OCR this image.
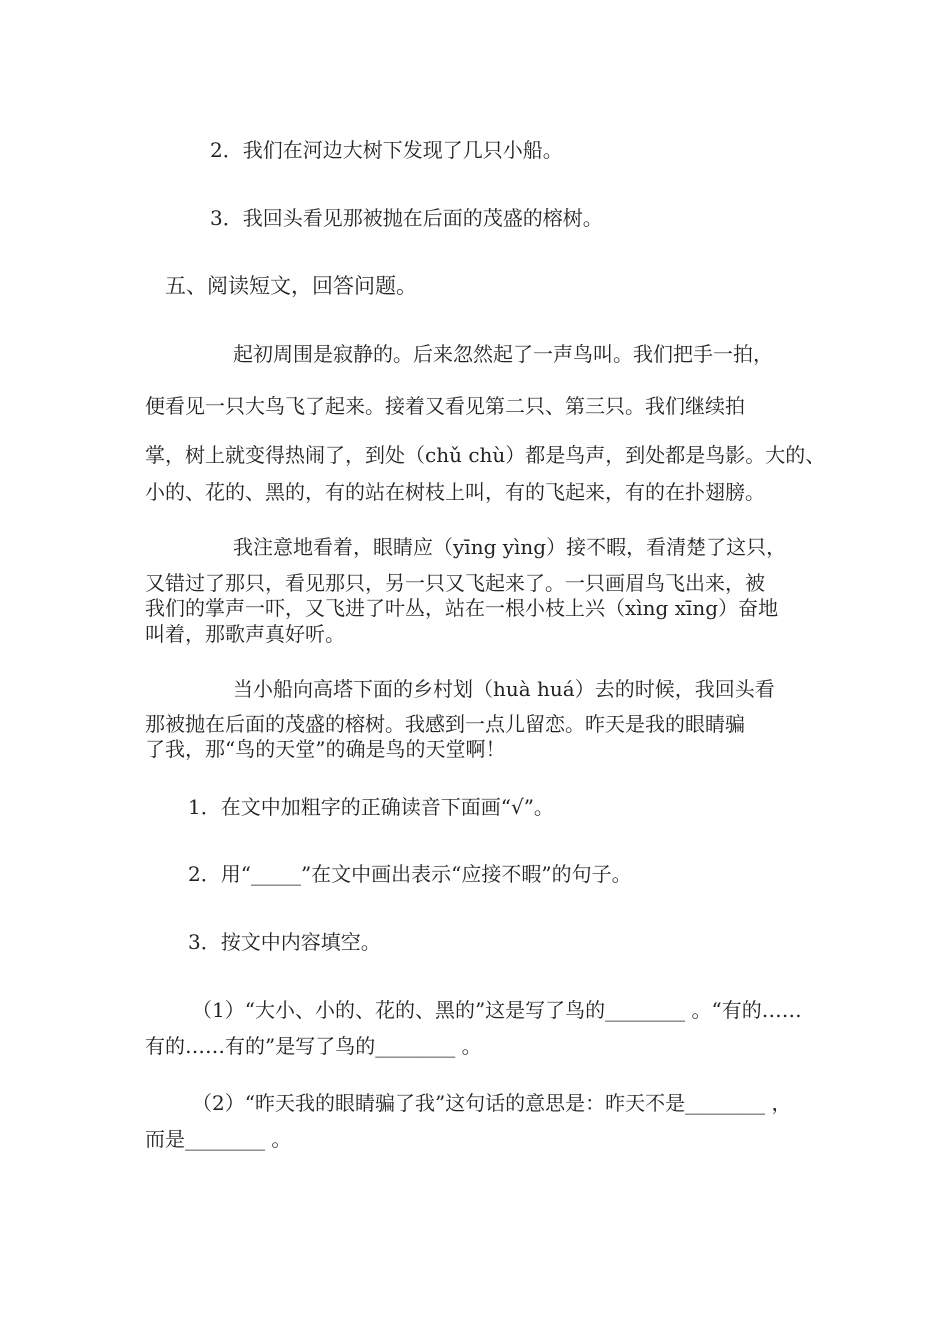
2．我们在河边大树下发现了几只小船。

3．我回头看见那被抛在后面的茂盛的榕树。

五、阅读短文，回答问题。

起初周围是寂静的。后来忽然起了一声鸟叫。我们把手一拍，

便看见一只大鸟飞了起来。接着又看见第二只、第三只。我们继续拍

掌，树上就变得热闹了，到处（chǔ chù）都是鸟声，到处都是鸟影。大的、

小的、花的、黑的，有的站在树枝上叫，有的飞起来，有的在扑翅膀。

我注意地看着，眼睛应（yīng yìng）接不暇，看清楚了这只，

又错过了那只，看见那只，另一只又飞起来了。一只画眉鸟飞出来，被

我们的掌声一吓，又飞进了叶丛，站在一根小枝上兴（xìng xīng）奋地

叫着，那歌声真好听。

当小船向高塔下面的乡村划（huà huá）去的时候，我回头看

那被抛在后面的茂盛的榕树。我感到一点儿留恋。昨天是我的眼睛骗

了我，那“鸟的天堂”的确是鸟的天堂啊！

1．在文中加粗字的正确读音下面画“√”。

2．用“_____”在文中画出表示“应接不暇”的句子。

3．按文中内容填空。

（1）“大小、小的、花的、黑的”这是写了鸟的________ 。“有的……

有的……有的”是写了鸟的________ 。

（2）“昨天我的眼睛骗了我”这句话的意思是：昨天不是________ ，

而是________ 。
